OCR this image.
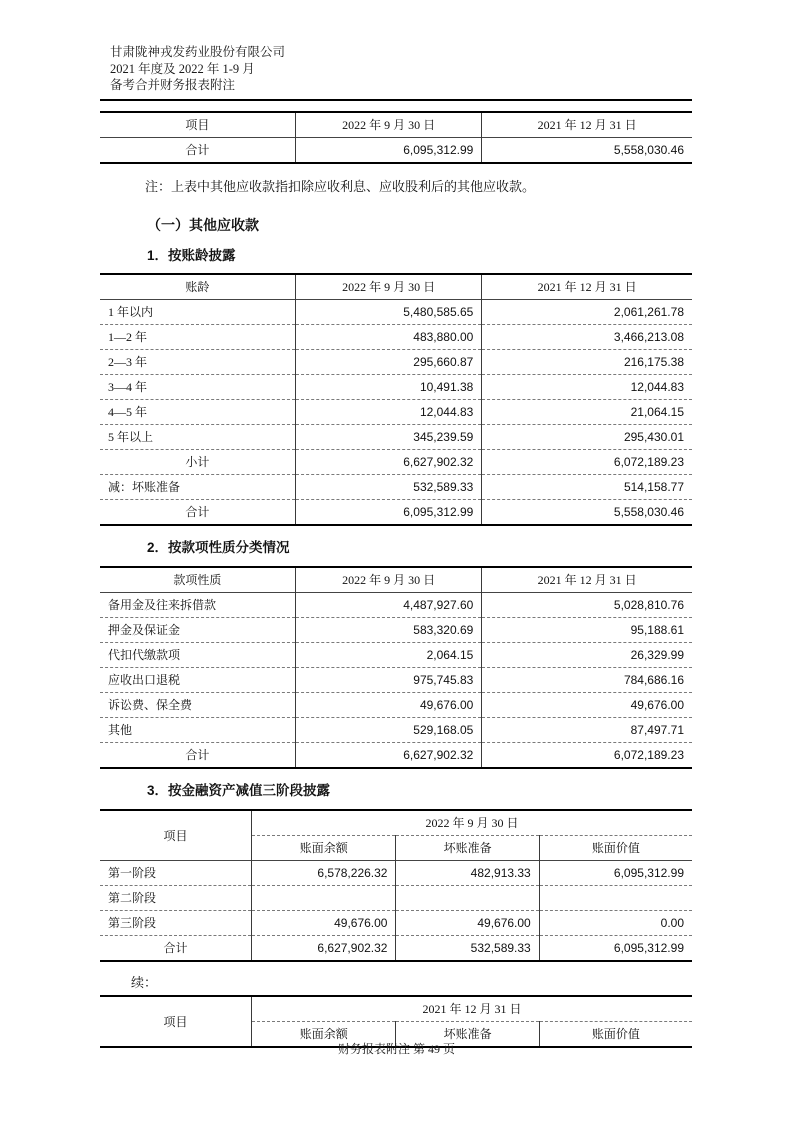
甘肃陇神戎发药业股份有限公司
2021 年度及 2022 年 1-9 月
备考合并财务报表附注
项目	2022 年 9 月 30 日	2021 年 12 月 31 日
合计	6,095,312.99	5,558,030.46

注：上表中其他应收款指扣除应收利息、应收股利后的其他应收款。

（一）其他应收款
1．按账龄披露
账龄	2022 年 9 月 30 日	2021 年 12 月 31 日
1 年以内	5,480,585.65	2,061,261.78
1—2 年	483,880.00	3,466,213.08
2—3 年	295,660.87	216,175.38
3—4 年	10,491.38	12,044.83
4—5 年	12,044.83	21,064.15
5 年以上	345,239.59	295,430.01
小计	6,627,902.32	6,072,189.23
减：坏账准备	532,589.33	514,158.77
合计	6,095,312.99	5,558,030.46
2．按款项性质分类情况
款项性质	2022 年 9 月 30 日	2021 年 12 月 31 日
备用金及往来拆借款	4,487,927.60	5,028,810.76
押金及保证金	583,320.69	95,188.61
代扣代缴款项	2,064.15	26,329.99
应收出口退税	975,745.83	784,686.16
诉讼费、保全费	49,676.00	49,676.00
其他	529,168.05	87,497.71
合计	6,627,902.32	6,072,189.23
3．按金融资产减值三阶段披露
项目	2022 年 9 月 30 日		
	账面余额	坏账准备	账面价值
第一阶段	6,578,226.32	482,913.33	6,095,312.99
第二阶段			
第三阶段	49,676.00	49,676.00	0.00
合计	6,627,902.32	532,589.33	6,095,312.99

续：

项目	2021 年 12 月 31 日		
	账面余额	坏账准备	账面价值
财务报表附注 第 49 页
